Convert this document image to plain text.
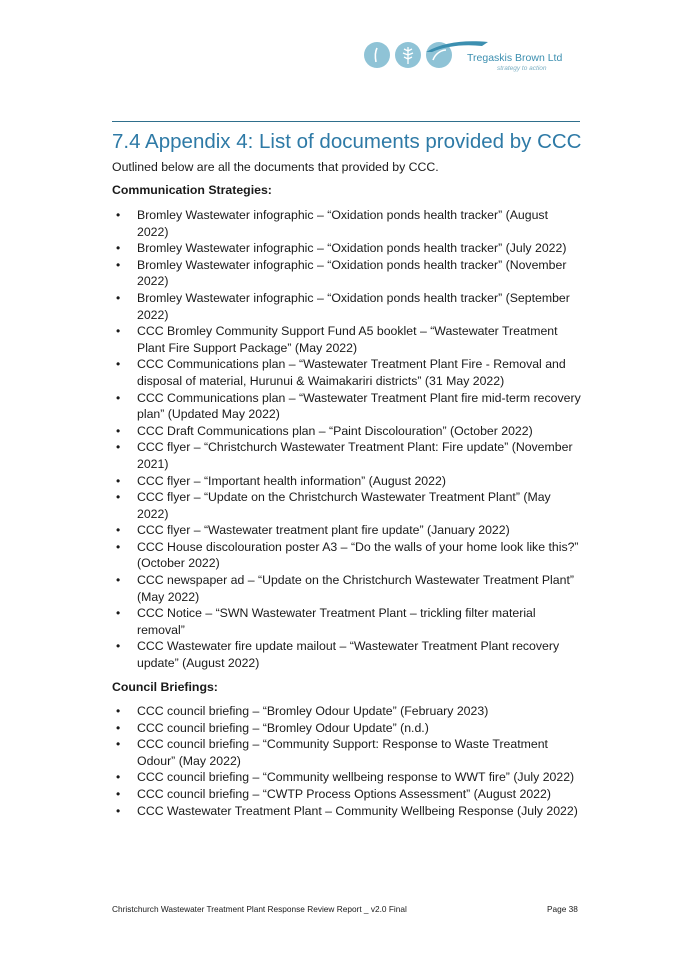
Tregaskis Brown Ltd
strategy to action
7.4 Appendix 4: List of documents provided by CCC
Outlined below are all the documents that provided by CCC.
Communication Strategies:
• Bromley Wastewater infographic – “Oxidation ponds health tracker” (August 2022)
• Bromley Wastewater infographic – “Oxidation ponds health tracker” (July 2022)
• Bromley Wastewater infographic – “Oxidation ponds health tracker” (November 2022)
• Bromley Wastewater infographic – “Oxidation ponds health tracker” (September 2022)
• CCC Bromley Community Support Fund A5 booklet – “Wastewater Treatment Plant Fire Support Package” (May 2022)
• CCC Communications plan – “Wastewater Treatment Plant Fire - Removal and disposal of material, Hurunui & Waimakariri districts” (31 May 2022)
• CCC Communications plan – “Wastewater Treatment Plant fire mid-term recovery plan” (Updated May 2022)
• CCC Draft Communications plan – “Paint Discolouration” (October 2022)
• CCC flyer – “Christchurch Wastewater Treatment Plant: Fire update” (November 2021)
• CCC flyer – “Important health information” (August 2022)
• CCC flyer – “Update on the Christchurch Wastewater Treatment Plant” (May 2022)
• CCC flyer – “Wastewater treatment plant fire update” (January 2022)
• CCC House discolouration poster A3 – “Do the walls of your home look like this?” (October 2022)
• CCC newspaper ad – “Update on the Christchurch Wastewater Treatment Plant” (May 2022)
• CCC Notice – “SWN Wastewater Treatment Plant – trickling filter material removal”
• CCC Wastewater fire update mailout – “Wastewater Treatment Plant recovery update” (August 2022)
Council Briefings:
• CCC council briefing – “Bromley Odour Update” (February 2023)
• CCC council briefing – “Bromley Odour Update” (n.d.)
• CCC council briefing – “Community Support: Response to Waste Treatment Odour” (May 2022)
• CCC council briefing – “Community wellbeing response to WWT fire” (July 2022)
• CCC council briefing – “CWTP Process Options Assessment” (August 2022)
• CCC Wastewater Treatment Plant – Community Wellbeing Response (July 2022)
Christchurch Wastewater Treatment Plant Response Review Report _ v2.0 Final	Page 38
